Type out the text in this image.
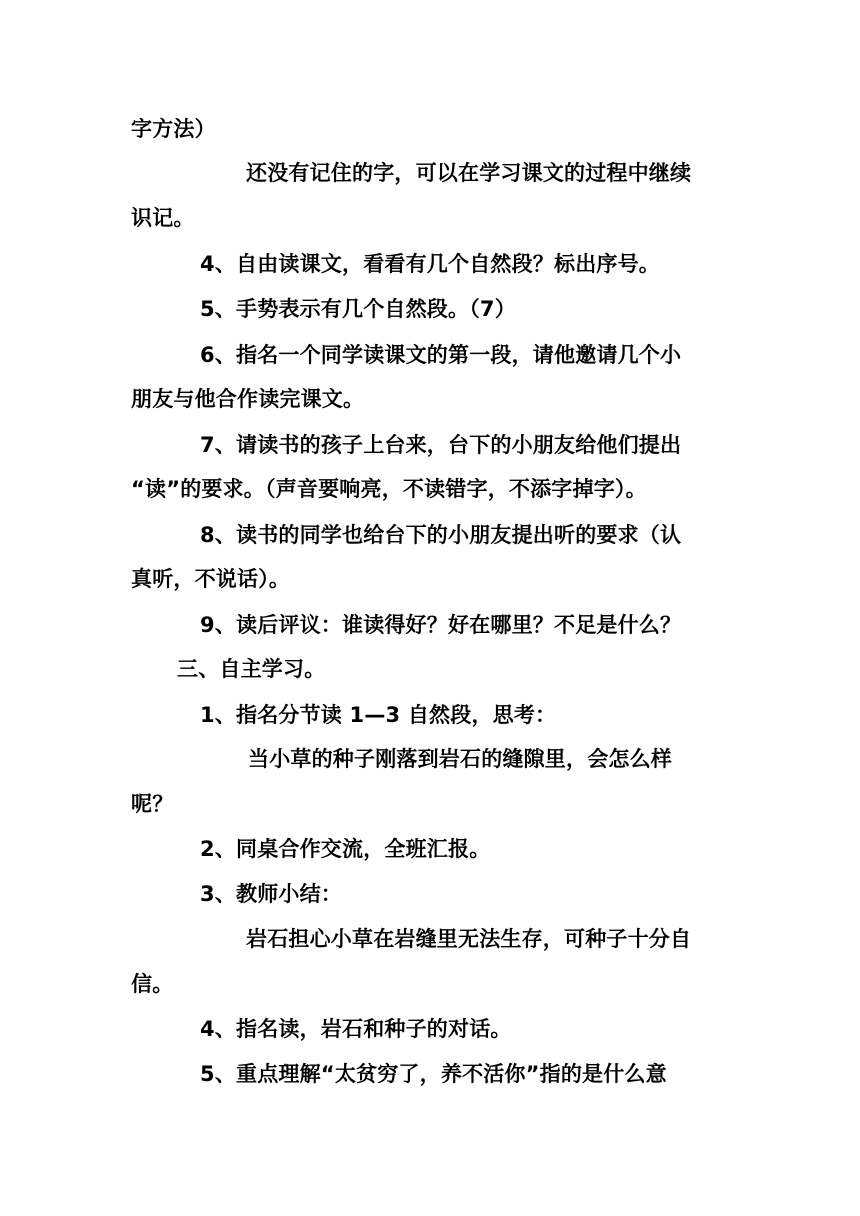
字方法）
还没有记住的字，可以在学习课文的过程中继续
识记。
4、自由读课文，看看有几个自然段？标出序号。
5、手势表示有几个自然段。（7）
6、指名一个同学读课文的第一段，请他邀请几个小
朋友与他合作读完课文。
7、请读书的孩子上台来，台下的小朋友给他们提出
“读”的要求。（声音要响亮，不读错字，不添字掉字）。
8、读书的同学也给台下的小朋友提出听的要求（认
真听，不说话）。
9、读后评议：谁读得好？好在哪里？不足是什么？
三、自主学习。
1、指名分节读 1—3 自然段，思考：
当小草的种子刚落到岩石的缝隙里，会怎么样
呢？
2、同桌合作交流，全班汇报。
3、教师小结：
岩石担心小草在岩缝里无法生存，可种子十分自
信。
4、指名读，岩石和种子的对话。
5、重点理解“太贫穷了，养不活你”指的是什么意
